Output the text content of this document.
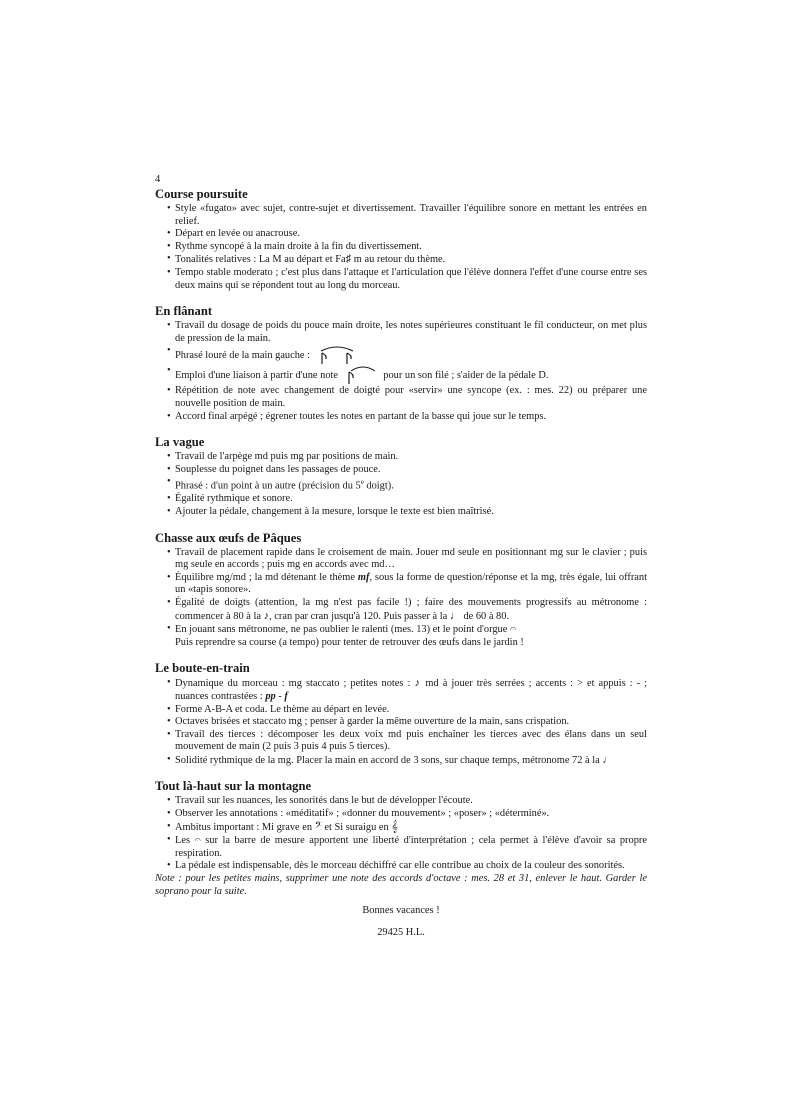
4
Course poursuite
• Style «fugato» avec sujet, contre-sujet et divertissement. Travailler l'équilibre sonore en mettant les entrées en relief.
• Départ en levée ou anacrouse.
• Rythme syncopé à la main droite à la fin du divertissement.
• Tonalités relatives : La M au départ et Fa♯ m au retour du thème.
• Tempo stable moderato ; c'est plus dans l'attaque et l'articulation que l'élève donnera l'effet d'une course entre ses deux mains qui se répondent tout au long du morceau.
En flânant
• Travail du dosage de poids du pouce main droite, les notes supérieures constituant le fil conducteur, on met plus de pression de la main.
• Phrasé louré de la main gauche :
• Emploi d'une liaison à partir d'une note	pour un son filé ; s'aider de la pédale D.
• Répétition de note avec changement de doigté pour «servir» une syncope (ex. : mes. 22) ou préparer une nouvelle position de main.
• Accord final arpégé ; égrener toutes les notes en partant de la basse qui joue sur le temps.
La vague
• Travail de l'arpège md puis mg par positions de main.
• Souplesse du poignet dans les passages de pouce.
• Phrasé : d'un point à un autre (précision du 5e doigt).
• Égalité rythmique et sonore.
• Ajouter la pédale, changement à la mesure, lorsque le texte est bien maîtrisé.
Chasse aux œufs de Pâques
• Travail de placement rapide dans le croisement de main. Jouer md seule en positionnant mg sur le clavier ; puis mg seule en accords ; puis mg en accords avec md…
• Équilibre mg/md ; la md détenant le thème mf, sous la forme de question/réponse et la mg, très égale, lui offrant un «tapis sonore».
• Égalité de doigts (attention, la mg n'est pas facile !) ; faire des mouvements progressifs au métronome : commencer à 80 à la ♪, cran par cran jusqu'à 120. Puis passer à la ♩ de 60 à 80.
• En jouant sans métronome, ne pas oublier le ralenti (mes. 13) et le point d'orgue 𝄐

Puis reprendre sa course (a tempo) pour tenter de retrouver des œufs dans le jardin !

Le boute-en-train
• Dynamique du morceau : mg staccato ; petites notes : ♪ md à jouer très serrées ; accents : > et appuis : - ; nuances contrastées : pp - f
• Forme A-B-A et coda. Le thème au départ en levée.
• Octaves brisées et staccato mg ; penser à garder la même ouverture de la main, sans crispation.
• Travail des tierces : décomposer les deux voix md puis enchaîner les tierces avec des élans dans un seul mouvement de main (2 puis 3 puis 4 puis 5 tierces).
• Solidité rythmique de la mg. Placer la main en accord de 3 sons, sur chaque temps, métronome 72 à la ♩
Tout là-haut sur la montagne
• Travail sur les nuances, les sonorités dans le but de développer l'écoute.
• Observer les annotations : «méditatif» ; «donner du mouvement» ; «poser» ; «déterminé».
• Ambitus important : Mi grave en 𝄢 et Si suraigu en 𝄞
• Les 𝄐 sur la barre de mesure apportent une liberté d'interprétation ; cela permet à l'élève d'avoir sa propre respiration.
• La pédale est indispensable, dès le morceau déchiffré car elle contribue au choix de la couleur des sonorités.

Note : pour les petites mains, supprimer une note des accords d'octave : mes. 28 et 31, enlever le haut. Garder le soprano pour la suite.

Bonnes vacances !
29425 H.L.
